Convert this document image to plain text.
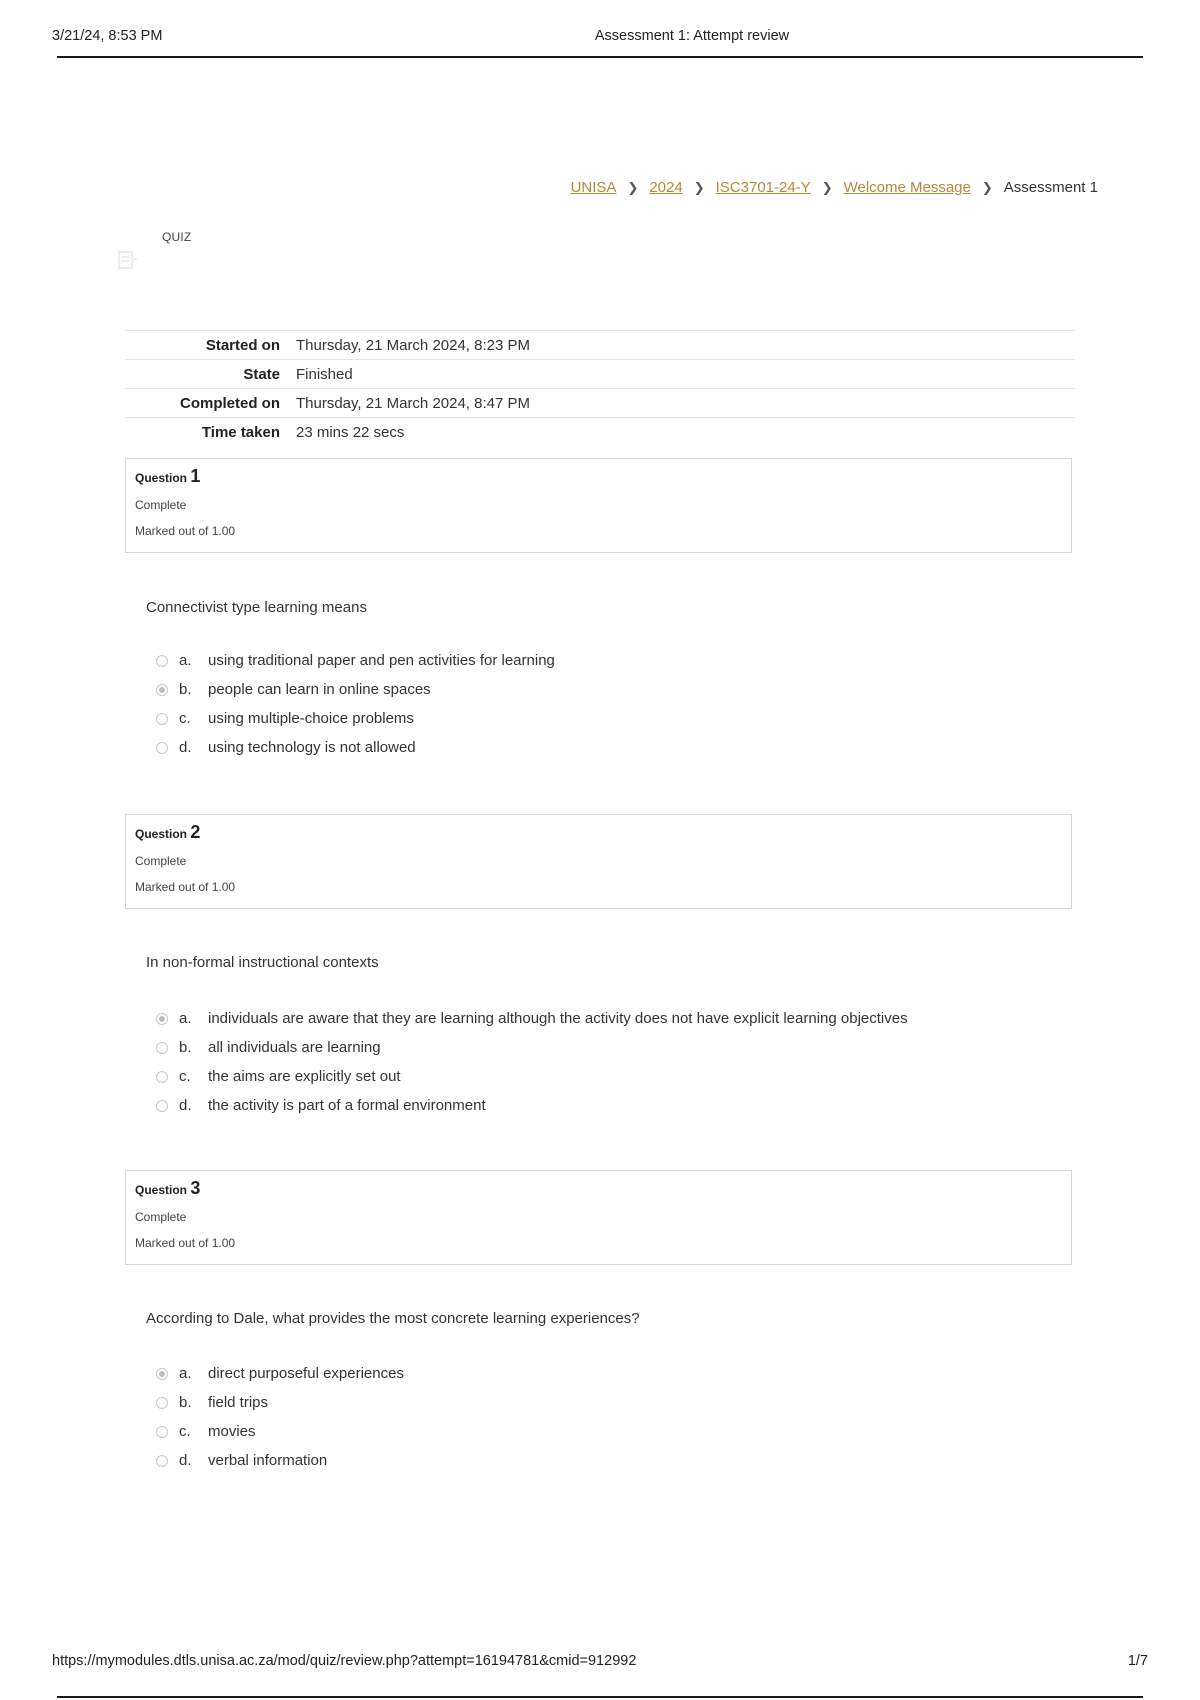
3/21/24, 8:53 PM	Assessment 1: Attempt review
UNISA ❯ 2024 ❯ ISC3701-24-Y ❯ Welcome Message ❯ Assessment 1
QUIZ
Started on	Thursday, 21 March 2024, 8:23 PM
State	Finished
Completed on	Thursday, 21 March 2024, 8:47 PM
Time taken	23 mins 22 secs
Question 1
Complete
Marked out of 1.00
Connectivist type learning means
a.	using traditional paper and pen activities for learning
b.	people can learn in online spaces
c.	using multiple-choice problems
d.	using technology is not allowed
Question 2
Complete
Marked out of 1.00
In non-formal instructional contexts
a.	individuals are aware that they are learning although the activity does not have explicit learning objectives
b.	all individuals are learning
c.	the aims are explicitly set out
d.	the activity is part of a formal environment
Question 3
Complete
Marked out of 1.00
According to Dale, what provides the most concrete learning experiences?
a.	direct purposeful experiences
b.	field trips
c.	movies
d.	verbal information
https://mymodules.dtls.unisa.ac.za/mod/quiz/review.php?attempt=16194781&cmid=912992	1/7
